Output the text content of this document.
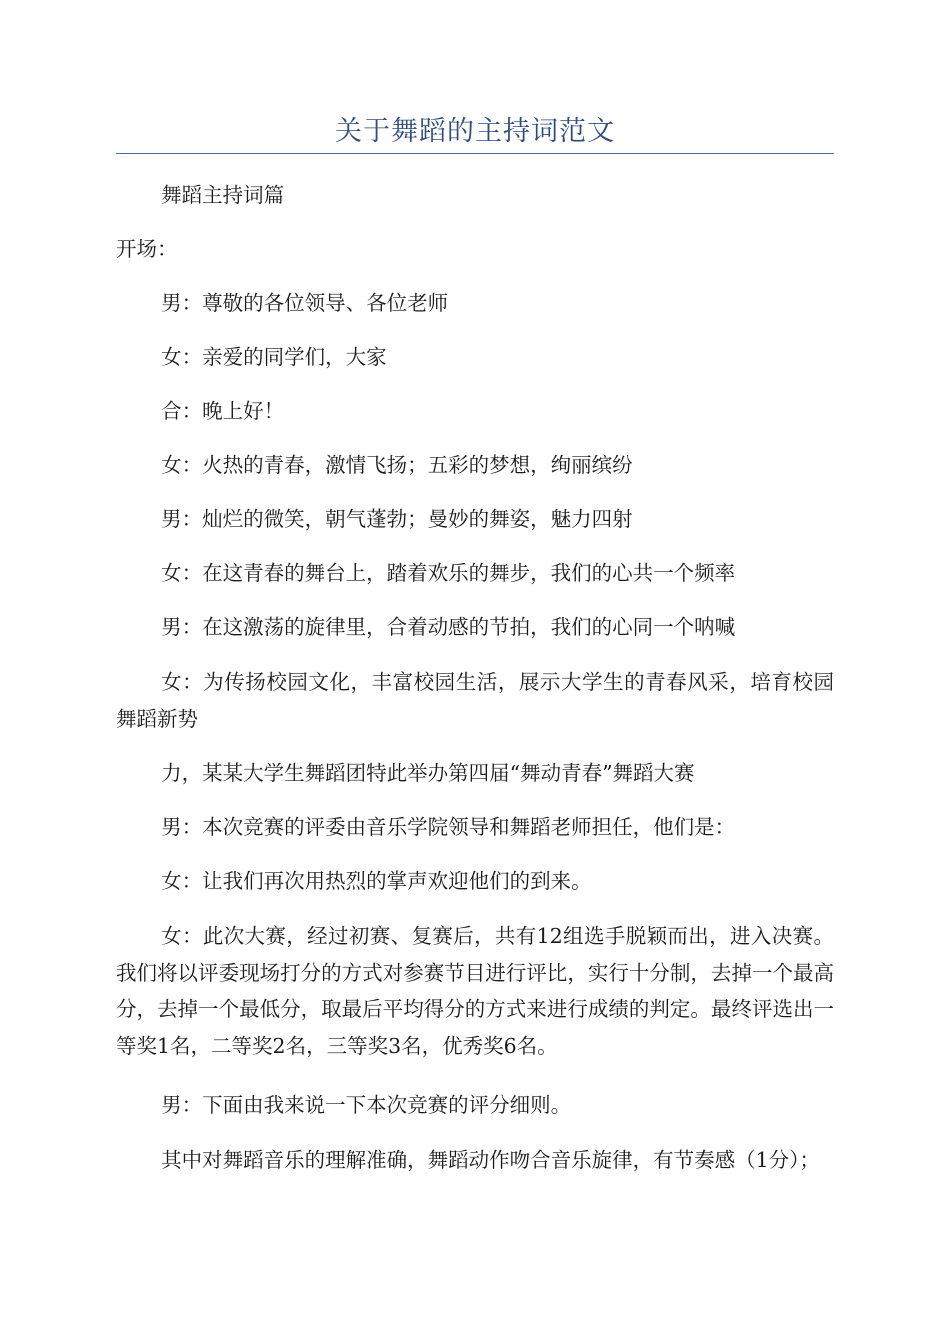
关于舞蹈的主持词范文

舞蹈主持词篇

开场：

男：尊敬的各位领导、各位老师

女：亲爱的同学们，大家

合：晚上好！

女：火热的青春，激情飞扬；五彩的梦想，绚丽缤纷

男：灿烂的微笑，朝气蓬勃；曼妙的舞姿，魅力四射

女：在这青春的舞台上，踏着欢乐的舞步，我们的心共一个频率

男：在这激荡的旋律里，合着动感的节拍，我们的心同一个呐喊

女：为传扬校园文化，丰富校园生活，展示大学生的青春风采，培育校园舞蹈新势

力，某某大学生舞蹈团特此举办第四届“舞动青春”舞蹈大赛

男：本次竞赛的评委由音乐学院领导和舞蹈老师担任，他们是：

女：让我们再次用热烈的掌声欢迎他们的到来。

女：此次大赛，经过初赛、复赛后，共有12组选手脱颖而出，进入决赛。我们将以评委现场打分的方式对参赛节目进行评比，实行十分制，去掉一个最高分，去掉一个最低分，取最后平均得分的方式来进行成绩的判定。最终评选出一等奖1名，二等奖2名，三等奖3名，优秀奖6名。

男：下面由我来说一下本次竞赛的评分细则。

其中对舞蹈音乐的理解准确，舞蹈动作吻合音乐旋律，有节奏感（1分）；
